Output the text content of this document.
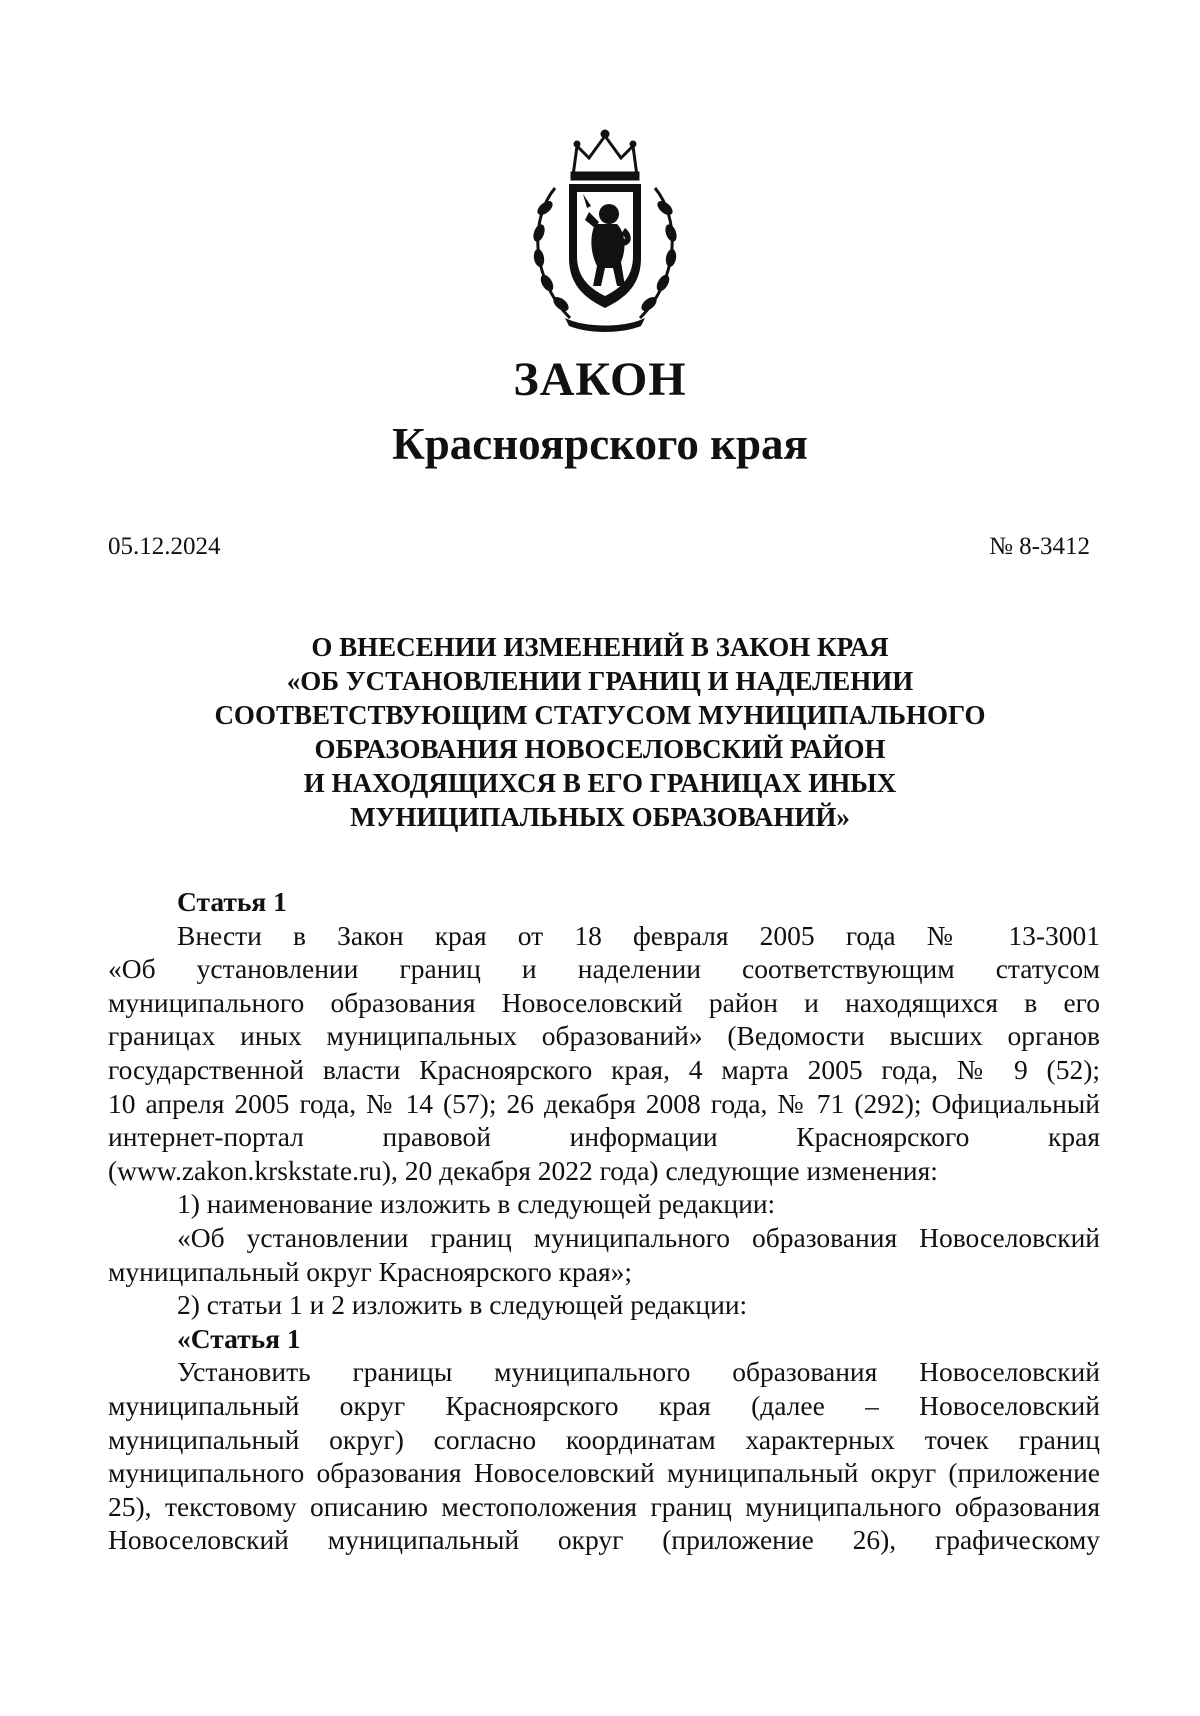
ЗАКОН
Красноярского края

05.12.2024	№ 8-3412

О ВНЕСЕНИИ ИЗМЕНЕНИЙ В ЗАКОН КРАЯ
«ОБ УСТАНОВЛЕНИИ ГРАНИЦ И НАДЕЛЕНИИ
СООТВЕТСТВУЮЩИМ СТАТУСОМ МУНИЦИПАЛЬНОГО
ОБРАЗОВАНИЯ НОВОСЕЛОВСКИЙ РАЙОН
И НАХОДЯЩИХСЯ В ЕГО ГРАНИЦАХ ИНЫХ
МУНИЦИПАЛЬНЫХ ОБРАЗОВАНИЙ»

Статья 1

Внести в Закон края от 18 февраля 2005 года № 13-3001

«Об установлении границ и наделении соответствующим статусом

муниципального образования Новоселовский район и находящихся в его

границах иных муниципальных образований» (Ведомости высших органов

государственной власти Красноярского края, 4 марта 2005 года, № 9 (52);

10 апреля 2005 года, № 14 (57); 26 декабря 2008 года, № 71 (292); Официальный

интернет-портал правовой информации Красноярского края

(www.zakon.krskstate.ru), 20 декабря 2022 года) следующие изменения:

1) наименование изложить в следующей редакции:

«Об установлении границ муниципального образования Новоселовский

муниципальный округ Красноярского края»;

2) статьи 1 и 2 изложить в следующей редакции:

«Статья 1

Установить границы муниципального образования Новоселовский

муниципальный округ Красноярского края (далее – Новоселовский

муниципальный округ) согласно координатам характерных точек границ

муниципального образования Новоселовский муниципальный округ (приложение

25), текстовому описанию местоположения границ муниципального образования

Новоселовский муниципальный округ (приложение 26), графическому
